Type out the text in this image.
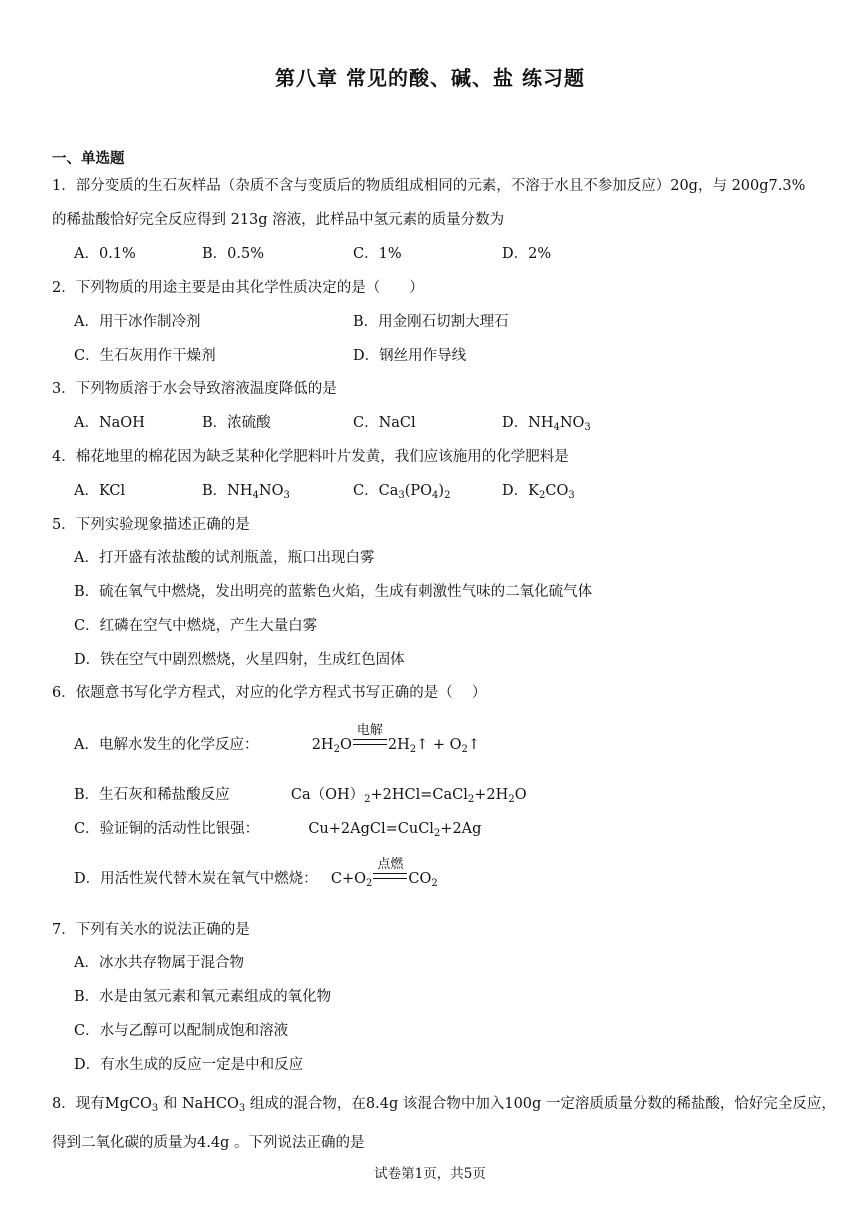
第八章 常见的酸、碱、盐 练习题
一、单选题
1．部分变质的生石灰样品（杂质不含与变质后的物质组成相同的元素，不溶于水且不参加反应）20g，与 200g7.3%
的稀盐酸恰好完全反应得到 213g 溶液，此样品中氢元素的质量分数为
A．0.1%	B．0.5%	C．1%	D．2%
2．下列物质的用途主要是由其化学性质决定的是（　　）
A．用干冰作制冷剂	B．用金刚石切割大理石
C．生石灰用作干燥剂	D．钢丝用作导线
3．下列物质溶于水会导致溶液温度降低的是
A．NaOH	B．浓硫酸	C．NaCl	D．$NH_4NO_3$
4．棉花地里的棉花因为缺乏某种化学肥料叶片发黄，我们应该施用的化学肥料是
A．KCl	B．$NH_4NO_3$	C．$Ca_3(PO_4)_2$	D．$K_2CO_3$
5．下列实验现象描述正确的是
A．打开盛有浓盐酸的试剂瓶盖，瓶口出现白雾
B．硫在氧气中燃烧，发出明亮的蓝紫色火焰，生成有刺激性气味的二氧化硫气体
C．红磷在空气中燃烧，产生大量白雾
D．铁在空气中剧烈燃烧，火星四射，生成红色固体
6．依题意书写化学方程式，对应的化学方程式书写正确的是（　 ）
A．电解水发生的化学反应：	$2H_2O$
电解
$2H_2↑$ + $O_2↑$
B．生石灰和稀盐酸反应	$Ca(OH)_2+2HCl=CaCl_2+2H_2O$
C．验证铜的活动性比银强：	Cu+2AgCl=CuCl$_2$+2Ag
D．用活性炭代替木炭在氧气中燃烧： $C+O_2$
点燃
$CO_2$
7．下列有关水的说法正确的是
A．冰水共存物属于混合物
B．水是由氢元素和氧元素组成的氧化物
C．水与乙醇可以配制成饱和溶液
D．有水生成的反应一定是中和反应
8．现有MgCO$_3$ 和 NaHCO$_3$ 组成的混合物，在8.4g 该混合物中加入100g 一定溶质质量分数的稀盐酸，恰好完全反应，
得到二氧化碳的质量为4.4g 。下列说法正确的是
试卷第1页，共5页
